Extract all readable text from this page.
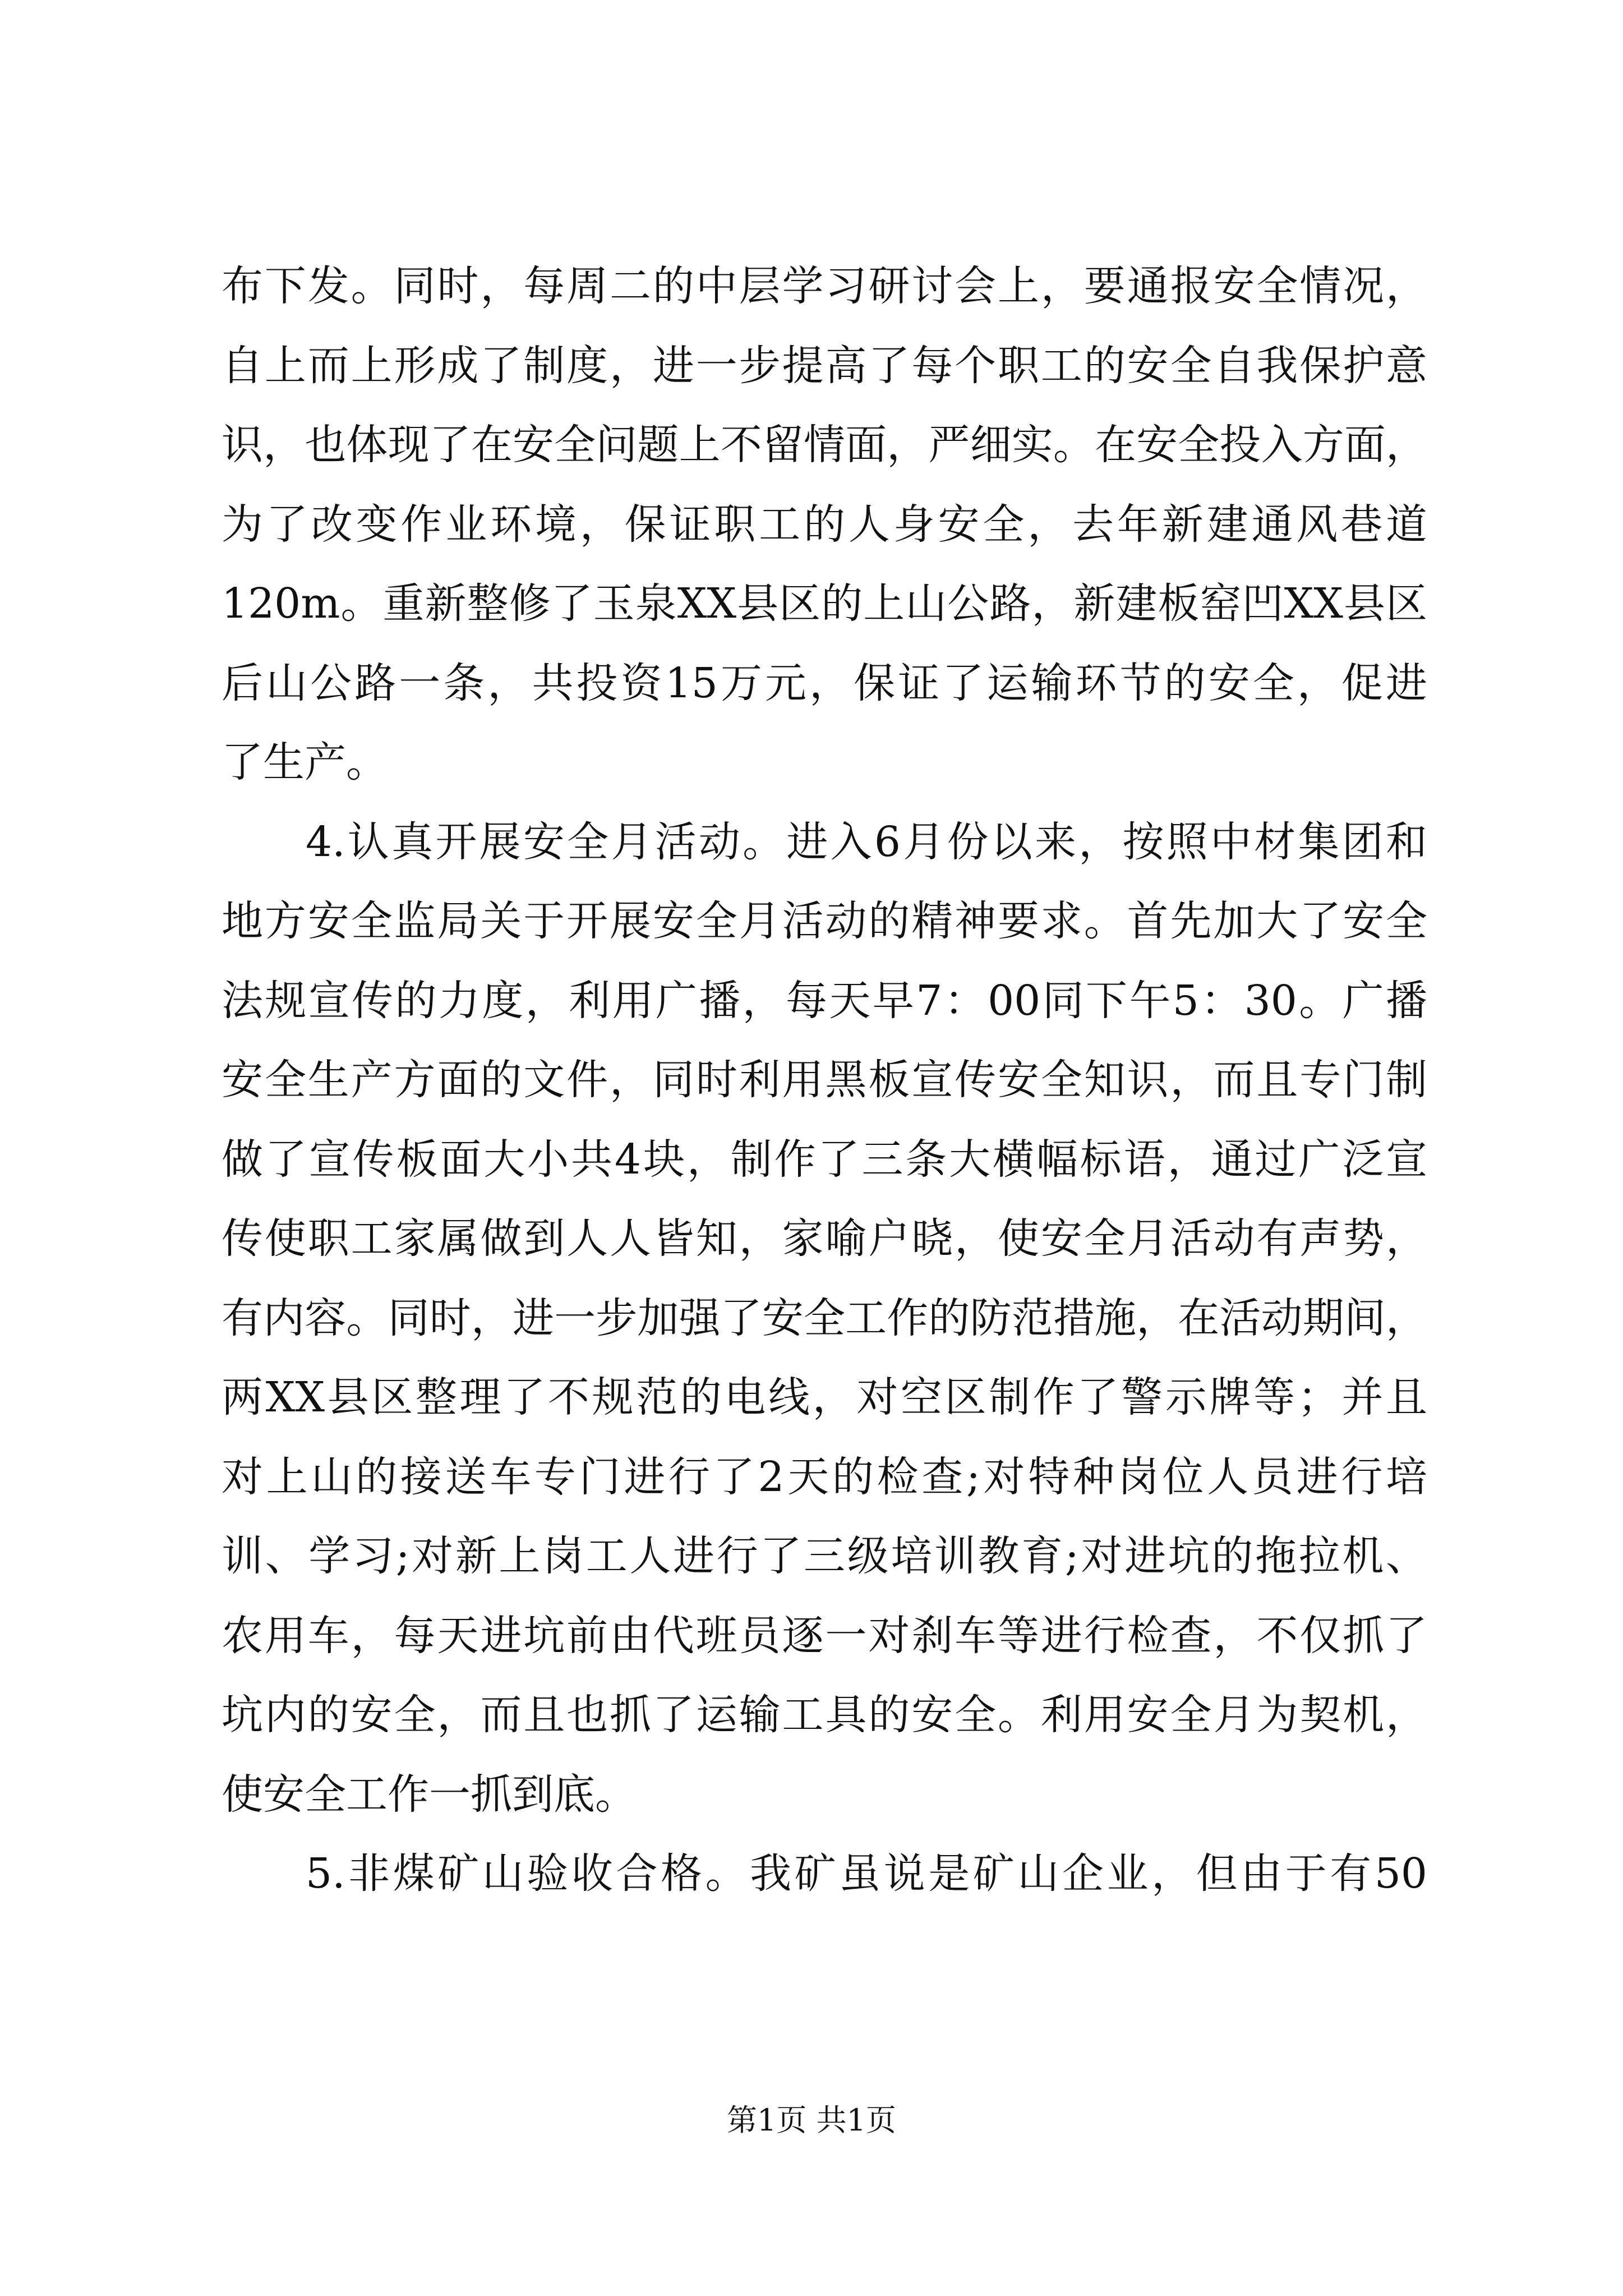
布下发。同时，每周二的中层学习研讨会上，要通报安全情况，
自上而上形成了制度，进一步提高了每个职工的安全自我保护意
识，也体现了在安全问题上不留情面，严细实。在安全投入方面，
为了改变作业环境，保证职工的人身安全，去年新建通风巷道
120m。重新整修了玉泉XX县区的上山公路，新建板窑凹XX县区
后山公路一条，共投资15万元，保证了运输环节的安全，促进
了生产。
4.认真开展安全月活动。进入6月份以来，按照中材集团和
地方安全监局关于开展安全月活动的精神要求。首先加大了安全
法规宣传的力度，利用广播，每天早7：00同下午5：30。广播
安全生产方面的文件，同时利用黑板宣传安全知识，而且专门制
做了宣传板面大小共4块，制作了三条大横幅标语，通过广泛宣
传使职工家属做到人人皆知，家喻户晓，使安全月活动有声势，
有内容。同时，进一步加强了安全工作的防范措施，在活动期间，
两XX县区整理了不规范的电线，对空区制作了警示牌等；并且
对上山的接送车专门进行了2天的检查;对特种岗位人员进行培
训、学习;对新上岗工人进行了三级培训教育;对进坑的拖拉机、
农用车，每天进坑前由代班员逐一对刹车等进行检查，不仅抓了
坑内的安全，而且也抓了运输工具的安全。利用安全月为契机，
使安全工作一抓到底。
5.非煤矿山验收合格。我矿虽说是矿山企业，但由于有50
第1页 共1页
